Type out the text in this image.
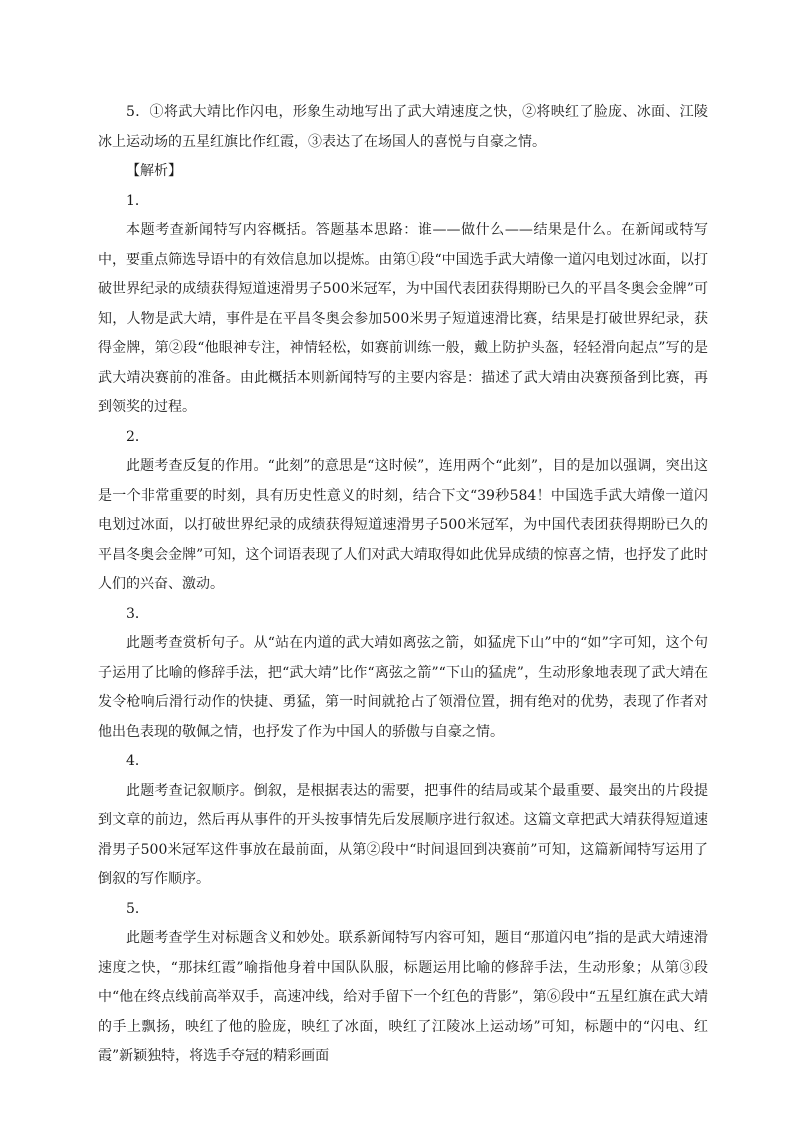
5．①将武大靖比作闪电，形象生动地写出了武大靖速度之快，②将映红了脸庞、冰面、江陵冰上运动场的五星红旗比作红霞，③表达了在场国人的喜悦与自豪之情。

【解析】

1．

本题考查新闻特写内容概括。答题基本思路：谁——做什么——结果是什么。在新闻或特写中，要重点筛选导语中的有效信息加以提炼。由第①段“中国选手武大靖像一道闪电划过冰面，以打破世界纪录的成绩获得短道速滑男子500米冠军，为中国代表团获得期盼已久的平昌冬奥会金牌”可知，人物是武大靖，事件是在平昌冬奥会参加500米男子短道速滑比赛，结果是打破世界纪录，获得金牌，第②段“他眼神专注，神情轻松，如赛前训练一般，戴上防护头盔，轻轻滑向起点”写的是武大靖决赛前的准备。由此概括本则新闻特写的主要内容是：描述了武大靖由决赛预备到比赛，再到领奖的过程。

2．

此题考查反复的作用。“此刻”的意思是“这时候”，连用两个“此刻”，目的是加以强调，突出这是一个非常重要的时刻，具有历史性意义的时刻，结合下文“39秒584！中国选手武大靖像一道闪电划过冰面，以打破世界纪录的成绩获得短道速滑男子500米冠军，为中国代表团获得期盼已久的平昌冬奥会金牌”可知，这个词语表现了人们对武大靖取得如此优异成绩的惊喜之情，也抒发了此时人们的兴奋、激动。

3．

此题考查赏析句子。从“站在内道的武大靖如离弦之箭，如猛虎下山”中的“如”字可知，这个句子运用了比喻的修辞手法，把“武大靖”比作“离弦之箭”“下山的猛虎”，生动形象地表现了武大靖在发令枪响后滑行动作的快捷、勇猛，第一时间就抢占了领滑位置，拥有绝对的优势，表现了作者对他出色表现的敬佩之情，也抒发了作为中国人的骄傲与自豪之情。

4．

此题考查记叙顺序。倒叙，是根据表达的需要，把事件的结局或某个最重要、最突出的片段提到文章的前边，然后再从事件的开头按事情先后发展顺序进行叙述。这篇文章把武大靖获得短道速滑男子500米冠军这件事放在最前面，从第②段中“时间退回到决赛前”可知，这篇新闻特写运用了倒叙的写作顺序。

5．

此题考查学生对标题含义和妙处。联系新闻特写内容可知，题目“那道闪电”指的是武大靖速滑速度之快，“那抹红霞”喻指他身着中国队队服，标题运用比喻的修辞手法，生动形象；从第③段中“他在终点线前高举双手，高速冲线，给对手留下一个红色的背影”，第⑥段中“五星红旗在武大靖的手上飘扬，映红了他的脸庞，映红了冰面，映红了江陵冰上运动场”可知，标题中的“闪电、红霞”新颖独特，将选手夺冠的精彩画面
